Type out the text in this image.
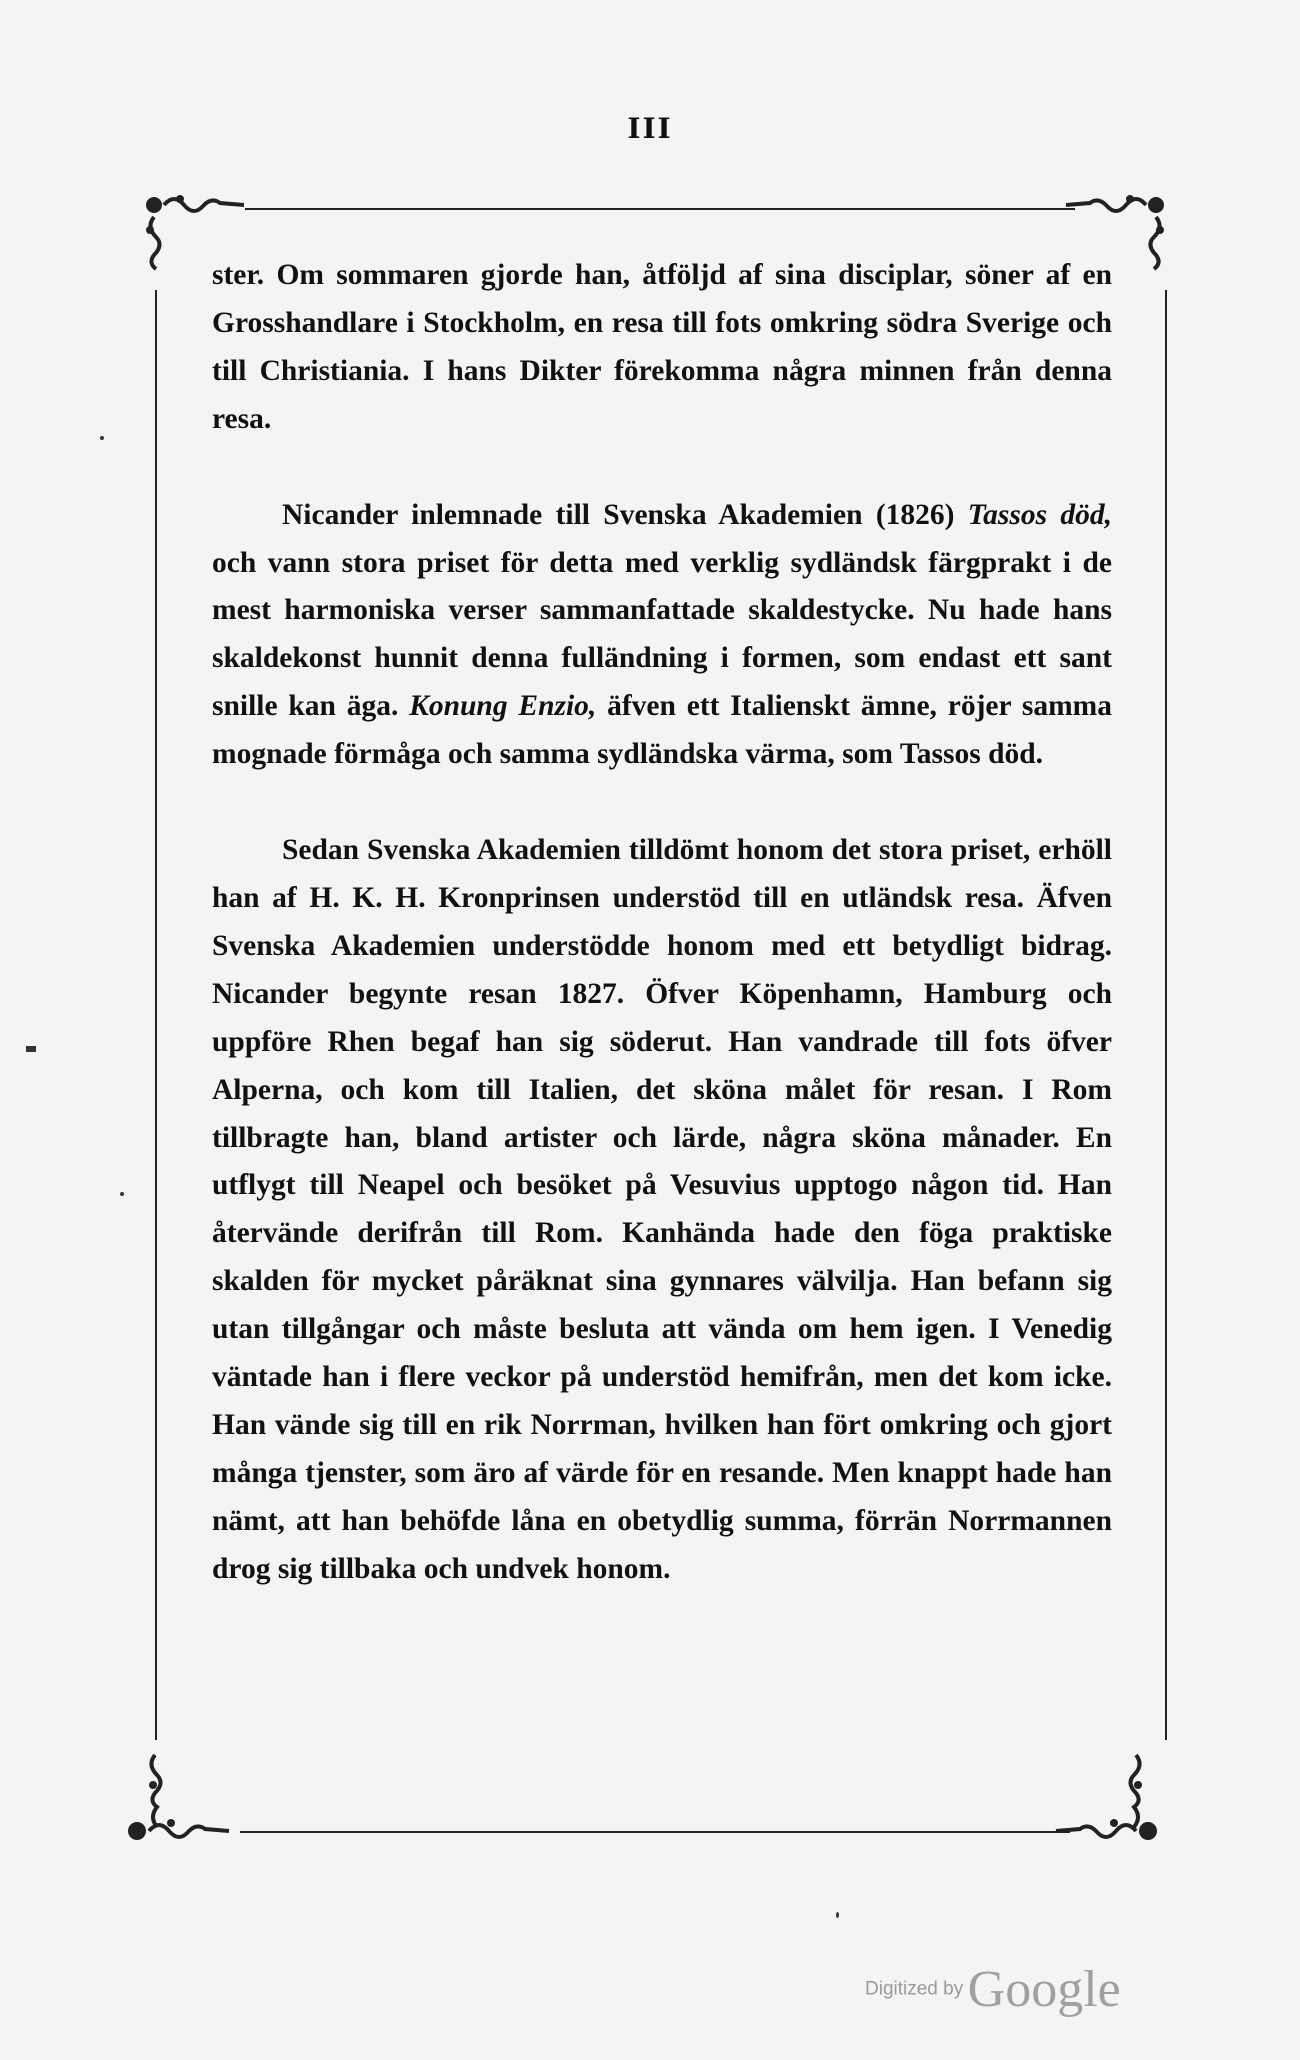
III

ster. Om sommaren gjorde han, åtföljd af sina disciplar, söner af en Grosshandlare i Stockholm, en resa till fots omkring södra Sverige och till Christiania. I hans Dikter förekomma några minnen från denna resa.

Nicander inlemnade till Svenska Akademien (1826) Tassos död, och vann stora priset för detta med verklig sydländsk färgprakt i de mest harmoniska verser sammanfattade skaldestycke. Nu hade hans skaldekonst hunnit denna fulländning i formen, som endast ett sant snille kan äga. Konung Enzio, äfven ett Italienskt ämne, röjer samma mognade förmåga och samma sydländska värma, som Tassos död.

Sedan Svenska Akademien tilldömt honom det stora priset, erhöll han af H. K. H. Kronprinsen understöd till en utländsk resa. Äfven Svenska Akademien understödde honom med ett betydligt bidrag. Nicander begynte resan 1827. Öfver Köpenhamn, Hamburg och uppföre Rhen begaf han sig söderut. Han vandrade till fots öfver Alperna, och kom till Italien, det sköna målet för resan. I Rom tillbragte han, bland artister och lärde, några sköna månader. En utflygt till Neapel och besöket på Vesuvius upptogo någon tid. Han återvände derifrån till Rom. Kanhända hade den föga praktiske skalden för mycket påräknat sina gynnares välvilja. Han befann sig utan tillgångar och måste besluta att vända om hem igen. I Venedig väntade han i flere veckor på understöd hemifrån, men det kom icke. Han vände sig till en rik Norrman, hvilken han fört omkring och gjort många tjenster, som äro af värde för en resande. Men knappt hade han nämt, att han behöfde låna en obetydlig summa, förrän Norrmannen drog sig tillbaka och undvek honom.

Digitized by Google
